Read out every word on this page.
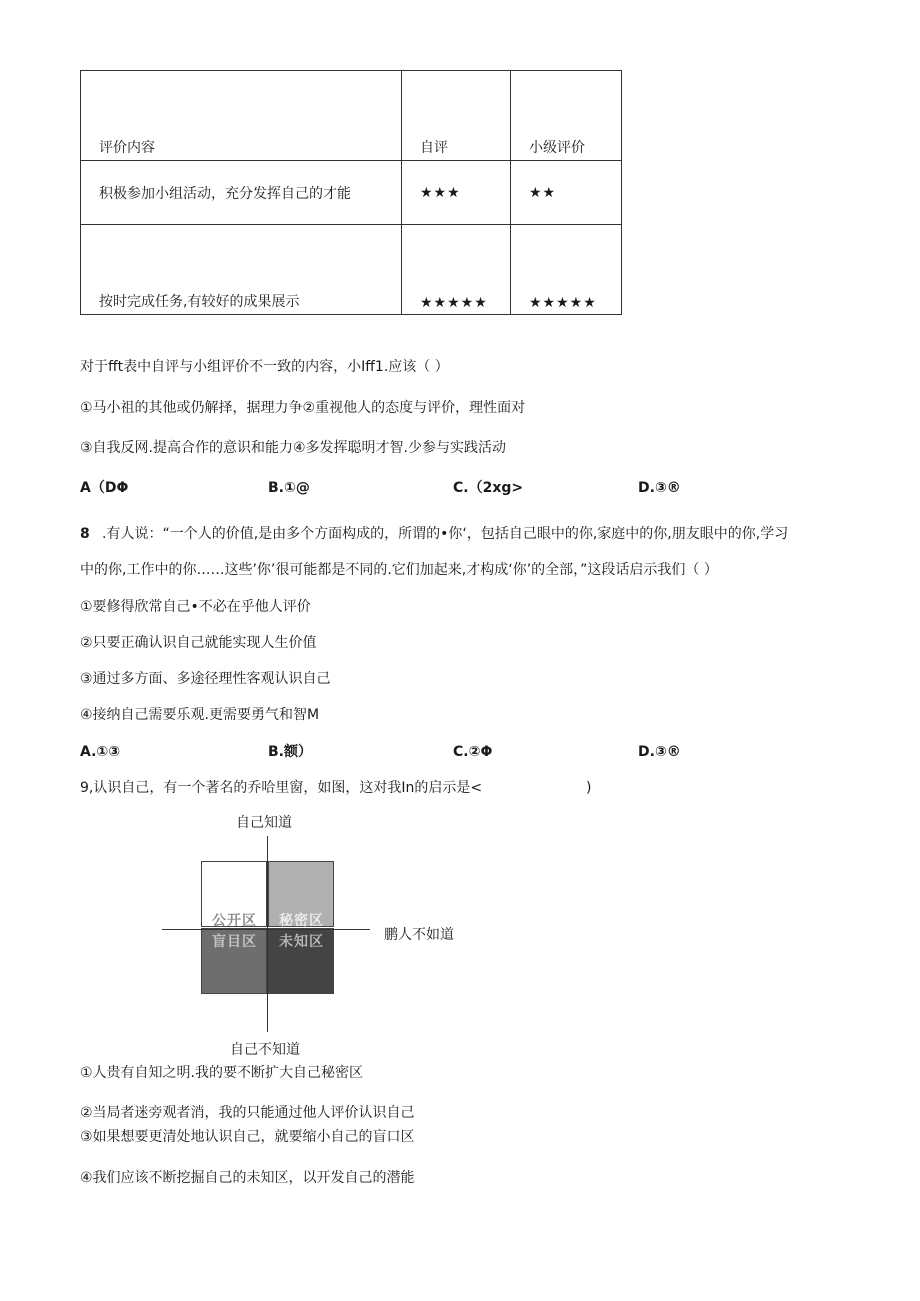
评价内容	自评	小级评价
积极参加小组活动，充分发挥自己的才能	★★★	★★
按时完成任务,有较好的成果展示	★★★★★	★★★★★
对于fft表中自评与小组评价不一致的内容，小Iff1.应该（ ）
①马小祖的其他或仍解择，据理力争②重视他人的态度与评价，理性面对
③自我反网.提高合作的意识和能力④多发挥聪明才智.少参与实践活动
A（DΦ	B.①@	C.（2xg>	D.③®
8 .有人说：“一个人的价值,是由多个方面构成的，所谓的•你‘，包括自己眼中的你,家庭中的你,朋友眼中的你,学习
中的你,工作中的你……这些’你’很可能都是不同的.它们加起来,才构成‘你’的全部，”这段话启示我们（ ）
①要修得欣常自己•不必在乎他人评价
②只要正确认识自己就能实现人生价值
③通过多方面、多途径理性客观认识自己
④接纳自己需要乐观.更需要勇气和智M
A.①③	B.额）	C.②Φ	D.③®
9,认识自己，有一个著名的乔哈里窗，如图，这对我In的启示是<	)
自己知道
公开区 秘密区
盲目区 未知区	鹏人不如道
自己不知道
①人贵有自知之明.我的要不断扩大自己秘密区
②当局者迷旁观者消，我的只能通过他人评价认识自己
③如果想要更清处地认识自己，就要缩小自己的盲口区
④我们应该不断挖掘自己的未知区，以开发自己的潜能
